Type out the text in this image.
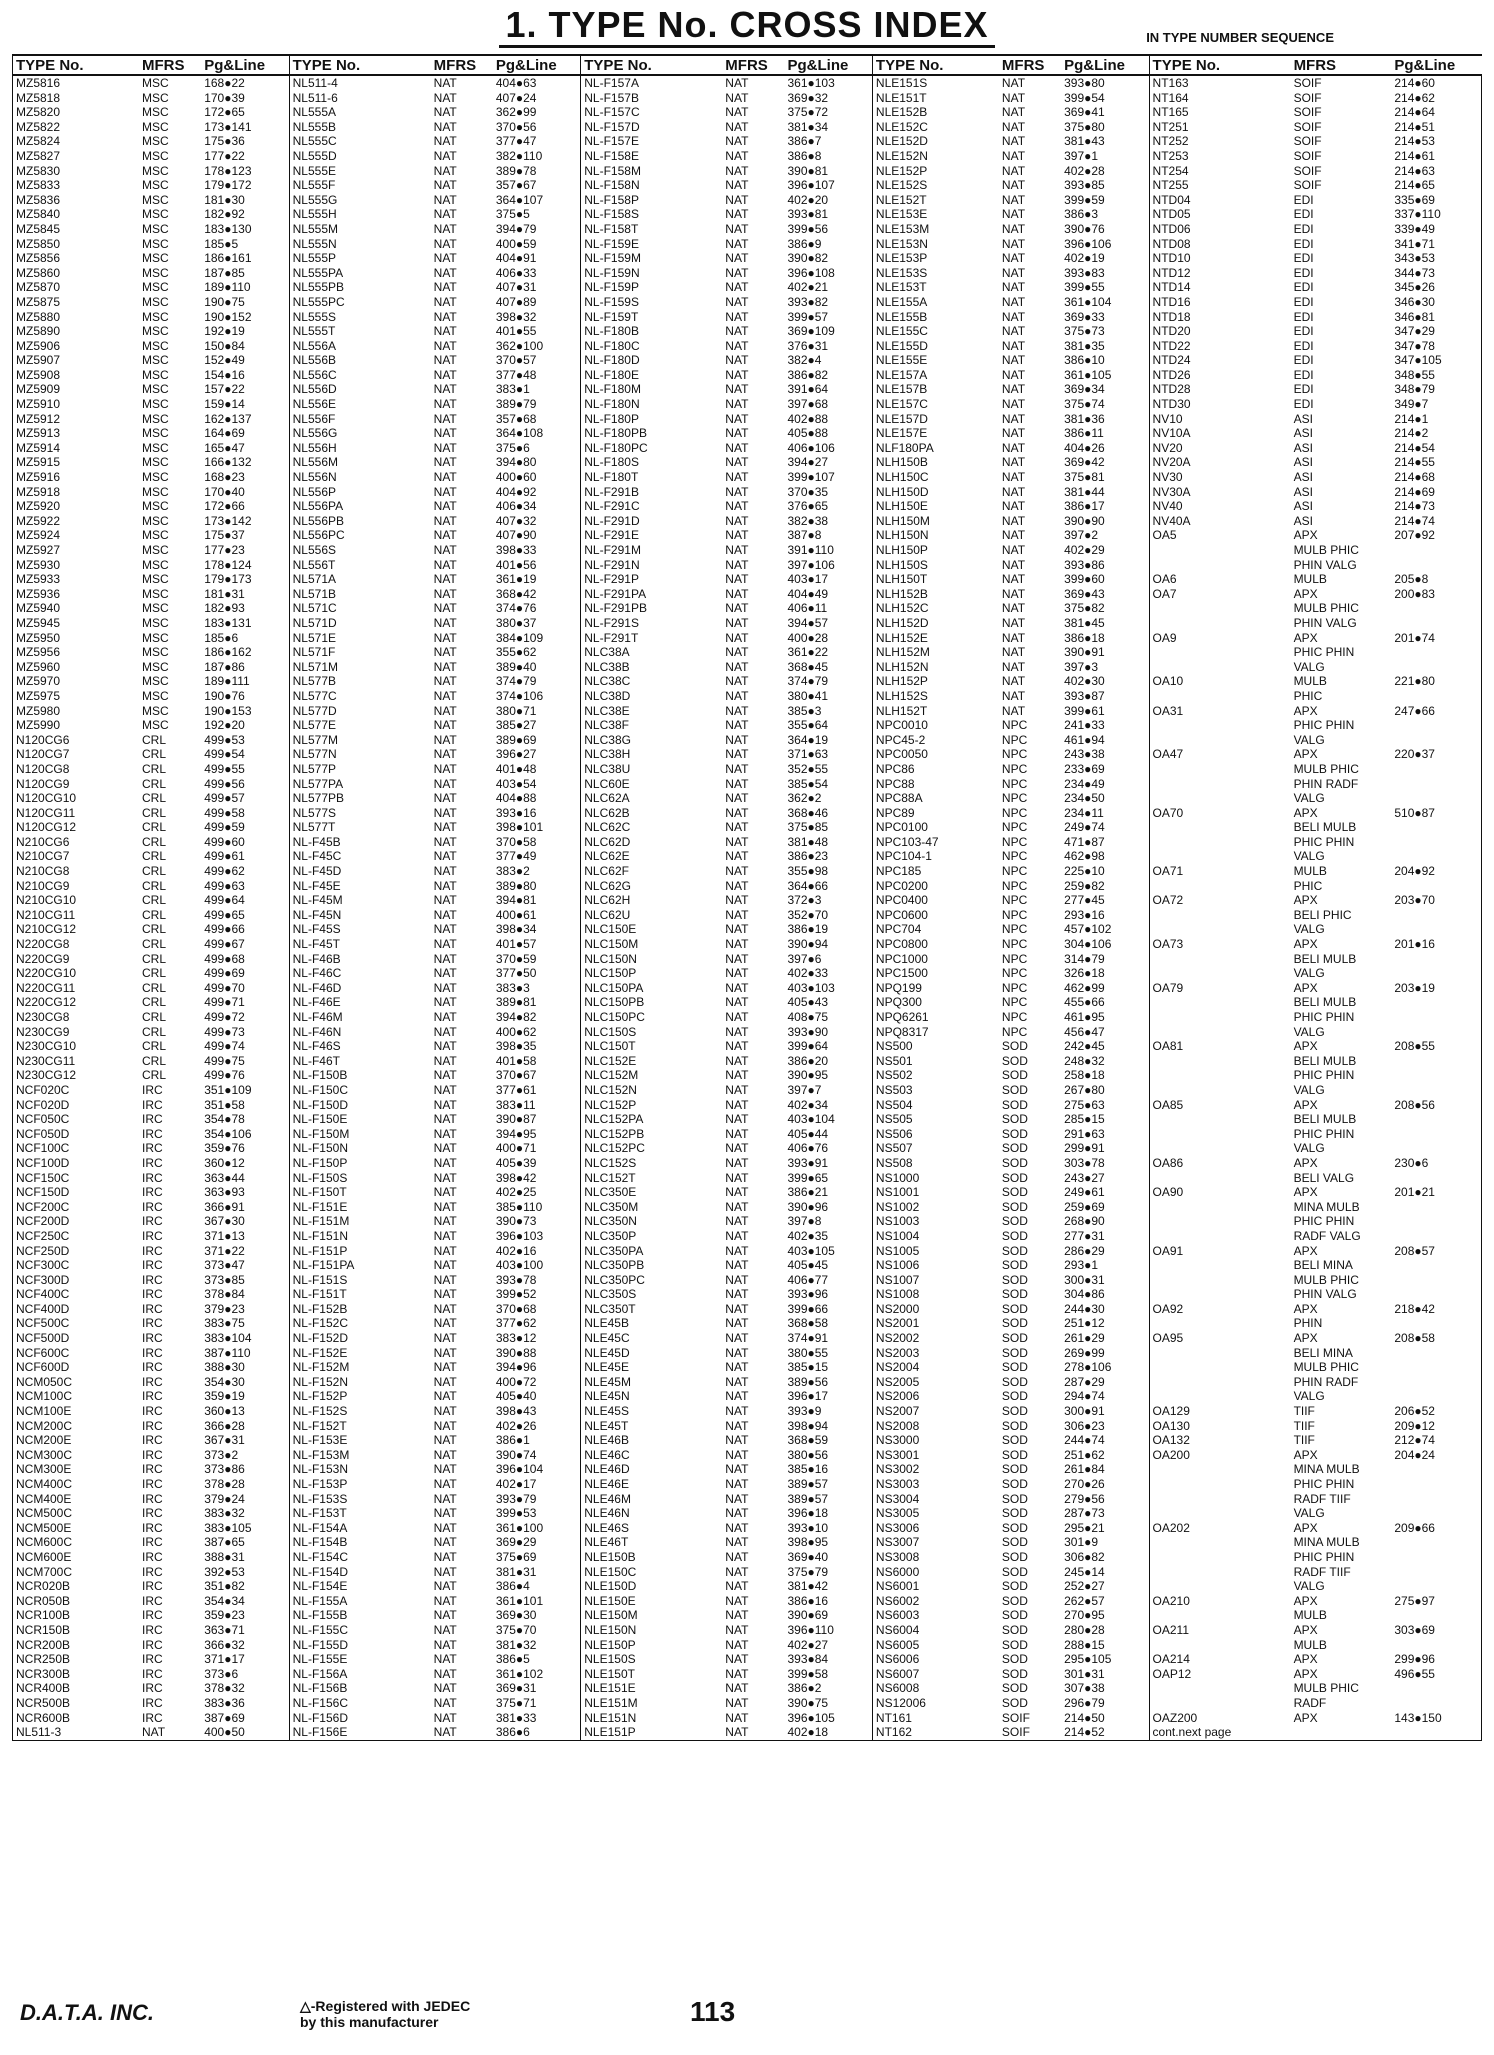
1. TYPE No. CROSS INDEX	IN TYPE NUMBER SEQUENCE
TYPE No.	MFRS	Pg&Line	TYPE No.	MFRS	Pg&Line	TYPE No.	MFRS	Pg&Line	TYPE No.	MFRS	Pg&Line	TYPE No.	MFRS	Pg&Line
MZ5816	MSC	168●22	NL511-4	NAT	404●63	NL-F157A	NAT	361●103	NLE151S	NAT	393●80	NT163	SOIF	214●60
MZ5818	MSC	170●39	NL511-6	NAT	407●24	NL-F157B	NAT	369●32	NLE151T	NAT	399●54	NT164	SOIF	214●62
MZ5820	MSC	172●65	NL555A	NAT	362●99	NL-F157C	NAT	375●72	NLE152B	NAT	369●41	NT165	SOIF	214●64
MZ5822	MSC	173●141	NL555B	NAT	370●56	NL-F157D	NAT	381●34	NLE152C	NAT	375●80	NT251	SOIF	214●51
MZ5824	MSC	175●36	NL555C	NAT	377●47	NL-F157E	NAT	386●7	NLE152D	NAT	381●43	NT252	SOIF	214●53
MZ5827	MSC	177●22	NL555D	NAT	382●110	NL-F158E	NAT	386●8	NLE152N	NAT	397●1	NT253	SOIF	214●61
MZ5830	MSC	178●123	NL555E	NAT	389●78	NL-F158M	NAT	390●81	NLE152P	NAT	402●28	NT254	SOIF	214●63
MZ5833	MSC	179●172	NL555F	NAT	357●67	NL-F158N	NAT	396●107	NLE152S	NAT	393●85	NT255	SOIF	214●65
MZ5836	MSC	181●30	NL555G	NAT	364●107	NL-F158P	NAT	402●20	NLE152T	NAT	399●59	NTD04	EDI	335●69
MZ5840	MSC	182●92	NL555H	NAT	375●5	NL-F158S	NAT	393●81	NLE153E	NAT	386●3	NTD05	EDI	337●110
MZ5845	MSC	183●130	NL555M	NAT	394●79	NL-F158T	NAT	399●56	NLE153M	NAT	390●76	NTD06	EDI	339●49
MZ5850	MSC	185●5	NL555N	NAT	400●59	NL-F159E	NAT	386●9	NLE153N	NAT	396●106	NTD08	EDI	341●71
MZ5856	MSC	186●161	NL555P	NAT	404●91	NL-F159M	NAT	390●82	NLE153P	NAT	402●19	NTD10	EDI	343●53
MZ5860	MSC	187●85	NL555PA	NAT	406●33	NL-F159N	NAT	396●108	NLE153S	NAT	393●83	NTD12	EDI	344●73
MZ5870	MSC	189●110	NL555PB	NAT	407●31	NL-F159P	NAT	402●21	NLE153T	NAT	399●55	NTD14	EDI	345●26
MZ5875	MSC	190●75	NL555PC	NAT	407●89	NL-F159S	NAT	393●82	NLE155A	NAT	361●104	NTD16	EDI	346●30
MZ5880	MSC	190●152	NL555S	NAT	398●32	NL-F159T	NAT	399●57	NLE155B	NAT	369●33	NTD18	EDI	346●81
MZ5890	MSC	192●19	NL555T	NAT	401●55	NL-F180B	NAT	369●109	NLE155C	NAT	375●73	NTD20	EDI	347●29
MZ5906	MSC	150●84	NL556A	NAT	362●100	NL-F180C	NAT	376●31	NLE155D	NAT	381●35	NTD22	EDI	347●78
MZ5907	MSC	152●49	NL556B	NAT	370●57	NL-F180D	NAT	382●4	NLE155E	NAT	386●10	NTD24	EDI	347●105
MZ5908	MSC	154●16	NL556C	NAT	377●48	NL-F180E	NAT	386●82	NLE157A	NAT	361●105	NTD26	EDI	348●55
MZ5909	MSC	157●22	NL556D	NAT	383●1	NL-F180M	NAT	391●64	NLE157B	NAT	369●34	NTD28	EDI	348●79
MZ5910	MSC	159●14	NL556E	NAT	389●79	NL-F180N	NAT	397●68	NLE157C	NAT	375●74	NTD30	EDI	349●7
MZ5912	MSC	162●137	NL556F	NAT	357●68	NL-F180P	NAT	402●88	NLE157D	NAT	381●36	NV10	ASI	214●1
MZ5913	MSC	164●69	NL556G	NAT	364●108	NL-F180PB	NAT	405●88	NLE157E	NAT	386●11	NV10A	ASI	214●2
MZ5914	MSC	165●47	NL556H	NAT	375●6	NL-F180PC	NAT	406●106	NLF180PA	NAT	404●26	NV20	ASI	214●54
MZ5915	MSC	166●132	NL556M	NAT	394●80	NL-F180S	NAT	394●27	NLH150B	NAT	369●42	NV20A	ASI	214●55
MZ5916	MSC	168●23	NL556N	NAT	400●60	NL-F180T	NAT	399●107	NLH150C	NAT	375●81	NV30	ASI	214●68
MZ5918	MSC	170●40	NL556P	NAT	404●92	NL-F291B	NAT	370●35	NLH150D	NAT	381●44	NV30A	ASI	214●69
MZ5920	MSC	172●66	NL556PA	NAT	406●34	NL-F291C	NAT	376●65	NLH150E	NAT	386●17	NV40	ASI	214●73
MZ5922	MSC	173●142	NL556PB	NAT	407●32	NL-F291D	NAT	382●38	NLH150M	NAT	390●90	NV40A	ASI	214●74
MZ5924	MSC	175●37	NL556PC	NAT	407●90	NL-F291E	NAT	387●8	NLH150N	NAT	397●2	OA5	APX	207●92
MZ5927	MSC	177●23	NL556S	NAT	398●33	NL-F291M	NAT	391●110	NLH150P	NAT	402●29		MULB PHIC	
MZ5930	MSC	178●124	NL556T	NAT	401●56	NL-F291N	NAT	397●106	NLH150S	NAT	393●86		PHIN VALG	
MZ5933	MSC	179●173	NL571A	NAT	361●19	NL-F291P	NAT	403●17	NLH150T	NAT	399●60	OA6	MULB	205●8
MZ5936	MSC	181●31	NL571B	NAT	368●42	NL-F291PA	NAT	404●49	NLH152B	NAT	369●43	OA7	APX	200●83
MZ5940	MSC	182●93	NL571C	NAT	374●76	NL-F291PB	NAT	406●11	NLH152C	NAT	375●82		MULB PHIC	
MZ5945	MSC	183●131	NL571D	NAT	380●37	NL-F291S	NAT	394●57	NLH152D	NAT	381●45		PHIN VALG	
MZ5950	MSC	185●6	NL571E	NAT	384●109	NL-F291T	NAT	400●28	NLH152E	NAT	386●18	OA9	APX	201●74
MZ5956	MSC	186●162	NL571F	NAT	355●62	NLC38A	NAT	361●22	NLH152M	NAT	390●91		PHIC PHIN	
MZ5960	MSC	187●86	NL571M	NAT	389●40	NLC38B	NAT	368●45	NLH152N	NAT	397●3		VALG	
MZ5970	MSC	189●111	NL577B	NAT	374●79	NLC38C	NAT	374●79	NLH152P	NAT	402●30	OA10	MULB	221●80
MZ5975	MSC	190●76	NL577C	NAT	374●106	NLC38D	NAT	380●41	NLH152S	NAT	393●87		PHIC	
MZ5980	MSC	190●153	NL577D	NAT	380●71	NLC38E	NAT	385●3	NLH152T	NAT	399●61	OA31	APX	247●66
MZ5990	MSC	192●20	NL577E	NAT	385●27	NLC38F	NAT	355●64	NPC0010	NPC	241●33		PHIC PHIN	
N120CG6	CRL	499●53	NL577M	NAT	389●69	NLC38G	NAT	364●19	NPC45-2	NPC	461●94		VALG	
N120CG7	CRL	499●54	NL577N	NAT	396●27	NLC38H	NAT	371●63	NPC0050	NPC	243●38	OA47	APX	220●37
N120CG8	CRL	499●55	NL577P	NAT	401●48	NLC38U	NAT	352●55	NPC86	NPC	233●69		MULB PHIC	
N120CG9	CRL	499●56	NL577PA	NAT	403●54	NLC60E	NAT	385●54	NPC88	NPC	234●49		PHIN RADF	
N120CG10	CRL	499●57	NL577PB	NAT	404●88	NLC62A	NAT	362●2	NPC88A	NPC	234●50		VALG	
N120CG11	CRL	499●58	NL577S	NAT	393●16	NLC62B	NAT	368●46	NPC89	NPC	234●11	OA70	APX	510●87
N120CG12	CRL	499●59	NL577T	NAT	398●101	NLC62C	NAT	375●85	NPC0100	NPC	249●74		BELI MULB	
N210CG6	CRL	499●60	NL-F45B	NAT	370●58	NLC62D	NAT	381●48	NPC103-47	NPC	471●87		PHIC PHIN	
N210CG7	CRL	499●61	NL-F45C	NAT	377●49	NLC62E	NAT	386●23	NPC104-1	NPC	462●98		VALG	
N210CG8	CRL	499●62	NL-F45D	NAT	383●2	NLC62F	NAT	355●98	NPC185	NPC	225●10	OA71	MULB	204●92
N210CG9	CRL	499●63	NL-F45E	NAT	389●80	NLC62G	NAT	364●66	NPC0200	NPC	259●82		PHIC	
N210CG10	CRL	499●64	NL-F45M	NAT	394●81	NLC62H	NAT	372●3	NPC0400	NPC	277●45	OA72	APX	203●70
N210CG11	CRL	499●65	NL-F45N	NAT	400●61	NLC62U	NAT	352●70	NPC0600	NPC	293●16		BELI PHIC	
N210CG12	CRL	499●66	NL-F45S	NAT	398●34	NLC150E	NAT	386●19	NPC704	NPC	457●102		VALG	
N220CG8	CRL	499●67	NL-F45T	NAT	401●57	NLC150M	NAT	390●94	NPC0800	NPC	304●106	OA73	APX	201●16
N220CG9	CRL	499●68	NL-F46B	NAT	370●59	NLC150N	NAT	397●6	NPC1000	NPC	314●79		BELI MULB	
N220CG10	CRL	499●69	NL-F46C	NAT	377●50	NLC150P	NAT	402●33	NPC1500	NPC	326●18		VALG	
N220CG11	CRL	499●70	NL-F46D	NAT	383●3	NLC150PA	NAT	403●103	NPQ199	NPC	462●99	OA79	APX	203●19
N220CG12	CRL	499●71	NL-F46E	NAT	389●81	NLC150PB	NAT	405●43	NPQ300	NPC	455●66		BELI MULB	
N230CG8	CRL	499●72	NL-F46M	NAT	394●82	NLC150PC	NAT	408●75	NPQ6261	NPC	461●95		PHIC PHIN	
N230CG9	CRL	499●73	NL-F46N	NAT	400●62	NLC150S	NAT	393●90	NPQ8317	NPC	456●47		VALG	
N230CG10	CRL	499●74	NL-F46S	NAT	398●35	NLC150T	NAT	399●64	NS500	SOD	242●45	OA81	APX	208●55
N230CG11	CRL	499●75	NL-F46T	NAT	401●58	NLC152E	NAT	386●20	NS501	SOD	248●32		BELI MULB	
N230CG12	CRL	499●76	NL-F150B	NAT	370●67	NLC152M	NAT	390●95	NS502	SOD	258●18		PHIC PHIN	
NCF020C	IRC	351●109	NL-F150C	NAT	377●61	NLC152N	NAT	397●7	NS503	SOD	267●80		VALG	
NCF020D	IRC	351●58	NL-F150D	NAT	383●11	NLC152P	NAT	402●34	NS504	SOD	275●63	OA85	APX	208●56
NCF050C	IRC	354●78	NL-F150E	NAT	390●87	NLC152PA	NAT	403●104	NS505	SOD	285●15		BELI MULB	
NCF050D	IRC	354●106	NL-F150M	NAT	394●95	NLC152PB	NAT	405●44	NS506	SOD	291●63		PHIC PHIN	
NCF100C	IRC	359●76	NL-F150N	NAT	400●71	NLC152PC	NAT	406●76	NS507	SOD	299●91		VALG	
NCF100D	IRC	360●12	NL-F150P	NAT	405●39	NLC152S	NAT	393●91	NS508	SOD	303●78	OA86	APX	230●6
NCF150C	IRC	363●44	NL-F150S	NAT	398●42	NLC152T	NAT	399●65	NS1000	SOD	243●27		BELI VALG	
NCF150D	IRC	363●93	NL-F150T	NAT	402●25	NLC350E	NAT	386●21	NS1001	SOD	249●61	OA90	APX	201●21
NCF200C	IRC	366●91	NL-F151E	NAT	385●110	NLC350M	NAT	390●96	NS1002	SOD	259●69		MINA MULB	
NCF200D	IRC	367●30	NL-F151M	NAT	390●73	NLC350N	NAT	397●8	NS1003	SOD	268●90		PHIC PHIN	
NCF250C	IRC	371●13	NL-F151N	NAT	396●103	NLC350P	NAT	402●35	NS1004	SOD	277●31		RADF VALG	
NCF250D	IRC	371●22	NL-F151P	NAT	402●16	NLC350PA	NAT	403●105	NS1005	SOD	286●29	OA91	APX	208●57
NCF300C	IRC	373●47	NL-F151PA	NAT	403●100	NLC350PB	NAT	405●45	NS1006	SOD	293●1		BELI MINA	
NCF300D	IRC	373●85	NL-F151S	NAT	393●78	NLC350PC	NAT	406●77	NS1007	SOD	300●31		MULB PHIC	
NCF400C	IRC	378●84	NL-F151T	NAT	399●52	NLC350S	NAT	393●96	NS1008	SOD	304●86		PHIN VALG	
NCF400D	IRC	379●23	NL-F152B	NAT	370●68	NLC350T	NAT	399●66	NS2000	SOD	244●30	OA92	APX	218●42
NCF500C	IRC	383●75	NL-F152C	NAT	377●62	NLE45B	NAT	368●58	NS2001	SOD	251●12		PHIN	
NCF500D	IRC	383●104	NL-F152D	NAT	383●12	NLE45C	NAT	374●91	NS2002	SOD	261●29	OA95	APX	208●58
NCF600C	IRC	387●110	NL-F152E	NAT	390●88	NLE45D	NAT	380●55	NS2003	SOD	269●99		BELI MINA	
NCF600D	IRC	388●30	NL-F152M	NAT	394●96	NLE45E	NAT	385●15	NS2004	SOD	278●106		MULB PHIC	
NCM050C	IRC	354●30	NL-F152N	NAT	400●72	NLE45M	NAT	389●56	NS2005	SOD	287●29		PHIN RADF	
NCM100C	IRC	359●19	NL-F152P	NAT	405●40	NLE45N	NAT	396●17	NS2006	SOD	294●74		VALG	
NCM100E	IRC	360●13	NL-F152S	NAT	398●43	NLE45S	NAT	393●9	NS2007	SOD	300●91	OA129	TIIF	206●52
NCM200C	IRC	366●28	NL-F152T	NAT	402●26	NLE45T	NAT	398●94	NS2008	SOD	306●23	OA130	TIIF	209●12
NCM200E	IRC	367●31	NL-F153E	NAT	386●1	NLE46B	NAT	368●59	NS3000	SOD	244●74	OA132	TIIF	212●74
NCM300C	IRC	373●2	NL-F153M	NAT	390●74	NLE46C	NAT	380●56	NS3001	SOD	251●62	OA200	APX	204●24
NCM300E	IRC	373●86	NL-F153N	NAT	396●104	NLE46D	NAT	385●16	NS3002	SOD	261●84		MINA MULB	
NCM400C	IRC	378●28	NL-F153P	NAT	402●17	NLE46E	NAT	389●57	NS3003	SOD	270●26		PHIC PHIN	
NCM400E	IRC	379●24	NL-F153S	NAT	393●79	NLE46M	NAT	389●57	NS3004	SOD	279●56		RADF TIIF	
NCM500C	IRC	383●32	NL-F153T	NAT	399●53	NLE46N	NAT	396●18	NS3005	SOD	287●73		VALG	
NCM500E	IRC	383●105	NL-F154A	NAT	361●100	NLE46S	NAT	393●10	NS3006	SOD	295●21	OA202	APX	209●66
NCM600C	IRC	387●65	NL-F154B	NAT	369●29	NLE46T	NAT	398●95	NS3007	SOD	301●9		MINA MULB	
NCM600E	IRC	388●31	NL-F154C	NAT	375●69	NLE150B	NAT	369●40	NS3008	SOD	306●82		PHIC PHIN	
NCM700C	IRC	392●53	NL-F154D	NAT	381●31	NLE150C	NAT	375●79	NS6000	SOD	245●14		RADF TIIF	
NCR020B	IRC	351●82	NL-F154E	NAT	386●4	NLE150D	NAT	381●42	NS6001	SOD	252●27		VALG	
NCR050B	IRC	354●34	NL-F155A	NAT	361●101	NLE150E	NAT	386●16	NS6002	SOD	262●57	OA210	APX	275●97
NCR100B	IRC	359●23	NL-F155B	NAT	369●30	NLE150M	NAT	390●69	NS6003	SOD	270●95		MULB	
NCR150B	IRC	363●71	NL-F155C	NAT	375●70	NLE150N	NAT	396●110	NS6004	SOD	280●28	OA211	APX	303●69
NCR200B	IRC	366●32	NL-F155D	NAT	381●32	NLE150P	NAT	402●27	NS6005	SOD	288●15		MULB	
NCR250B	IRC	371●17	NL-F155E	NAT	386●5	NLE150S	NAT	393●84	NS6006	SOD	295●105	OA214	APX	299●96
NCR300B	IRC	373●6	NL-F156A	NAT	361●102	NLE150T	NAT	399●58	NS6007	SOD	301●31	OAP12	APX	496●55
NCR400B	IRC	378●32	NL-F156B	NAT	369●31	NLE151E	NAT	386●2	NS6008	SOD	307●38		MULB PHIC	
NCR500B	IRC	383●36	NL-F156C	NAT	375●71	NLE151M	NAT	390●75	NS12006	SOD	296●79		RADF	
NCR600B	IRC	387●69	NL-F156D	NAT	381●33	NLE151N	NAT	396●105	NT161	SOIF	214●50	OAZ200	APX	143●150
NL511-3	NAT	400●50	NL-F156E	NAT	386●6	NLE151P	NAT	402●18	NT162	SOIF	214●52	cont.next page		
D.A.T.A. INC.	△-Registered with JEDEC
by this manufacturer	113
